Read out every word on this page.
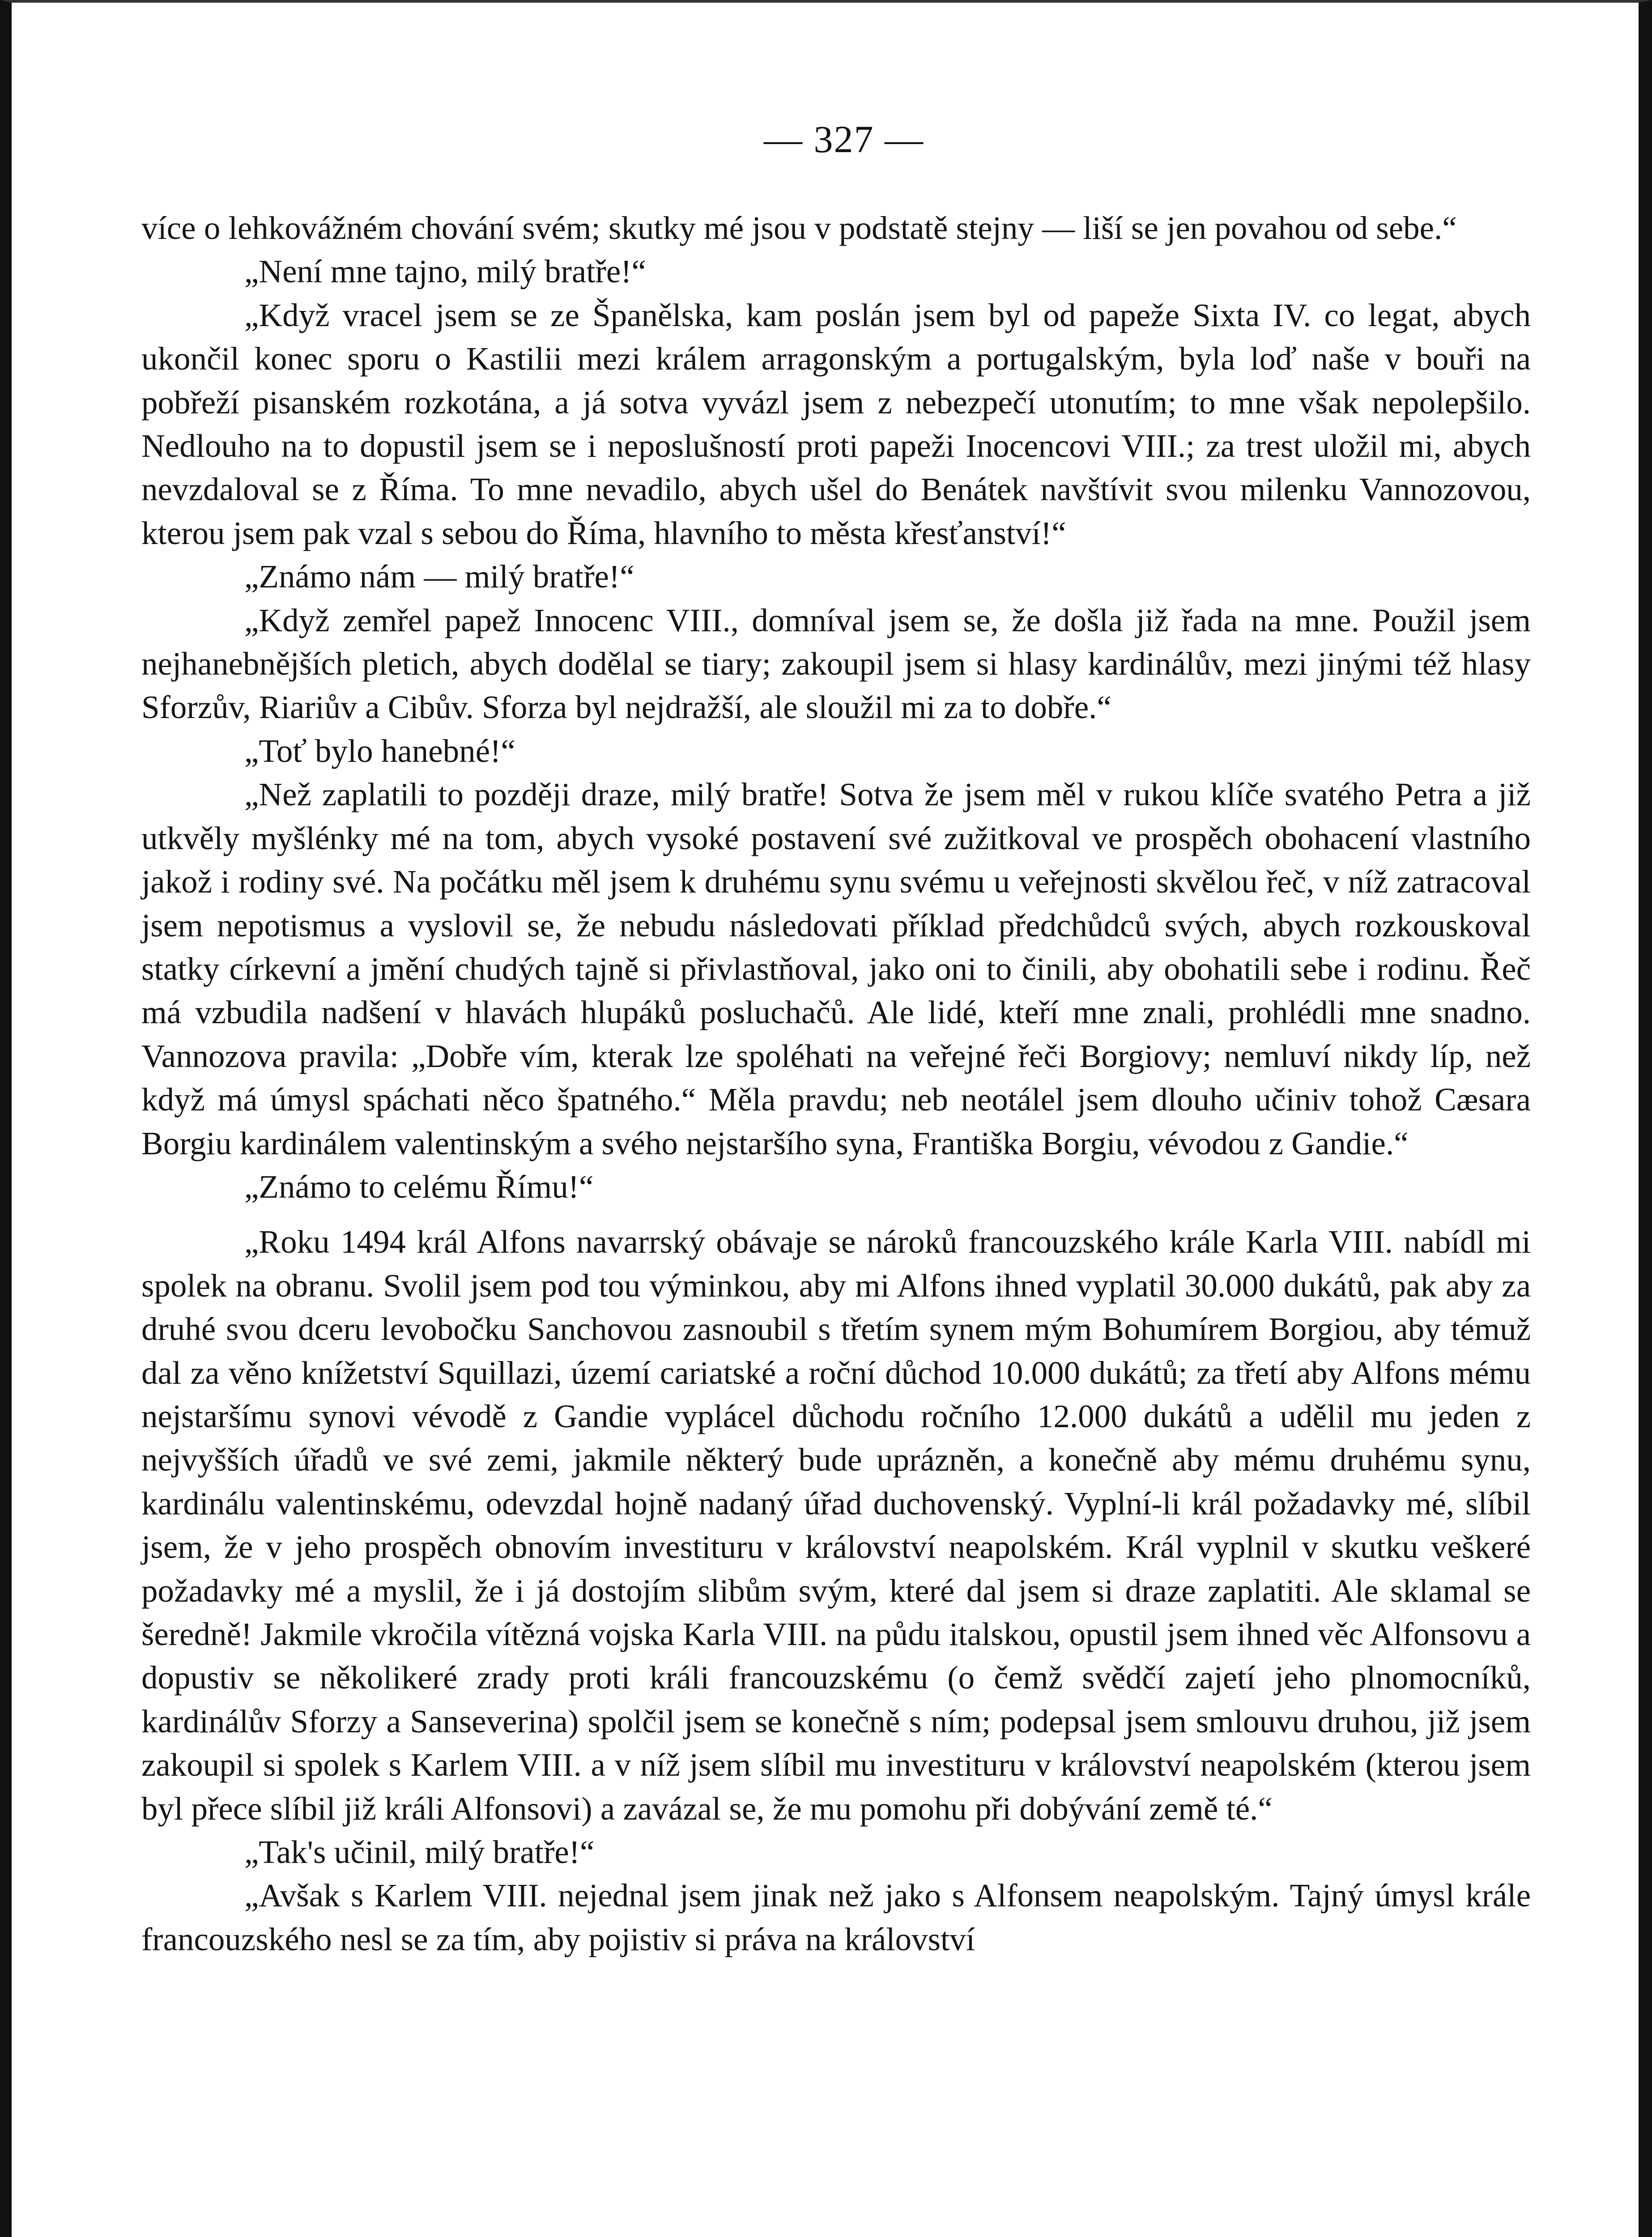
— 327 —

více o lehkovážném chování svém; skutky mé jsou v podstatě stejny — liší se jen povahou od sebe.“

„Není mne tajno, milý bratře!“

„Když vracel jsem se ze Španělska, kam poslán jsem byl od papeže Sixta IV. co legat, abych ukončil konec sporu o Kastilii mezi králem arragonským a portugalským, byla loď naše v bouři na pobřeží pisanském rozkotána, a já sotva vyvázl jsem z nebezpečí utonutím; to mne však nepolepšilo. Nedlouho na to dopustil jsem se i neposlušností proti papeži Inocencovi VIII.; za trest uložil mi, abych nevzdaloval se z Říma. To mne nevadilo, abych ušel do Benátek navštívit svou milenku Vannozovou, kterou jsem pak vzal s sebou do Říma, hlavního to města křesťanství!“

„Známo nám — milý bratře!“

„Když zemřel papež Innocenc VIII., domníval jsem se, že došla již řada na mne. Použil jsem nejhanebnějších pletich, abych dodělal se tiary; zakoupil jsem si hlasy kardinálův, mezi jinými též hlasy Sforzův, Riariův a Cibův. Sforza byl nejdražší, ale sloužil mi za to dobře.“

„Toť bylo hanebné!“

„Než zaplatili to později draze, milý bratře! Sotva že jsem měl v rukou klíče svatého Petra a již utkvěly myšlénky mé na tom, abych vysoké postavení své zužitkoval ve prospěch obohacení vlastního jakož i rodiny své. Na počátku měl jsem k druhému synu svému u veřejnosti skvělou řeč, v níž zatracoval jsem nepotismus a vyslovil se, že nebudu následovati příklad předchůdců svých, abych rozkouskoval statky církevní a jmění chudých tajně si přivlastňoval, jako oni to činili, aby obohatili sebe i rodinu. Řeč má vzbudila nadšení v hlavách hlupáků posluchačů. Ale lidé, kteří mne znali, prohlédli mne snadno. Vannozova pravila: „Dobře vím, kterak lze spoléhati na veřejné řeči Borgiovy; nemluví nikdy líp, než když má úmysl spáchati něco špatného.“ Měla pravdu; neb neotálel jsem dlouho učiniv tohož Cæsara Borgiu kardinálem valentinským a svého nejstaršího syna, Františka Borgiu, vévodou z Gandie.“

„Známo to celému Římu!“

„Roku 1494 král Alfons navarrský obávaje se nároků francouzského krále Karla VIII. nabídl mi spolek na obranu. Svolil jsem pod tou výminkou, aby mi Alfons ihned vyplatil 30.000 dukátů, pak aby za druhé svou dceru levobočku Sanchovou zasnoubil s třetím synem mým Bohumírem Borgiou, aby témuž dal za věno knížetství Squillazi, území cariatské a roční důchod 10.000 dukátů; za třetí aby Alfons mému nejstaršímu synovi vévodě z Gandie vyplácel důchodu ročního 12.000 dukátů a udělil mu jeden z nejvyšších úřadů ve své zemi, jakmile některý bude uprázněn, a konečně aby mému druhému synu, kardinálu valentinskému, odevzdal hojně nadaný úřad duchovenský. Vyplní-li král požadavky mé, slíbil jsem, že v jeho prospěch obnovím investituru v království neapolském. Král vyplnil v skutku veškeré požadavky mé a myslil, že i já dostojím slibům svým, které dal jsem si draze zaplatiti. Ale sklamal se šeredně! Jakmile vkročila vítězná vojska Karla VIII. na půdu italskou, opustil jsem ihned věc Alfonsovu a dopustiv se několikeré zrady proti králi francouzskému (o čemž svědčí zajetí jeho plnomocníků, kardinálův Sforzy a Sanseverina) spolčil jsem se konečně s ním; podepsal jsem smlouvu druhou, již jsem zakoupil si spolek s Karlem VIII. a v níž jsem slíbil mu investituru v království neapolském (kterou jsem byl přece slíbil již králi Alfonsovi) a zavázal se, že mu pomohu při dobývání země té.“

„Tak's učinil, milý bratře!“

„Avšak s Karlem VIII. nejednal jsem jinak než jako s Alfonsem neapolským. Tajný úmysl krále francouzského nesl se za tím, aby pojistiv si práva na království
